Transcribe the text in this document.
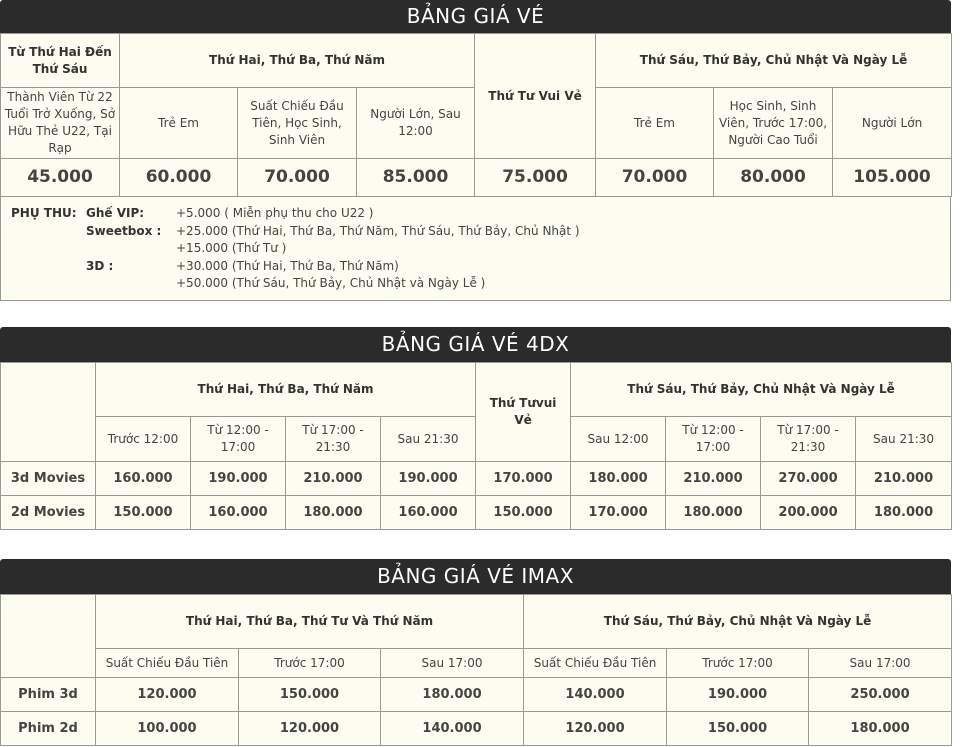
BẢNG GIÁ VÉ
Từ Thứ Hai Đến Thứ Sáu	Thứ Hai, Thứ Ba, Thứ Năm			Thứ Tư Vui Vẻ	Thứ Sáu, Thứ Bảy, Chủ Nhật Và Ngày Lễ		
Thành Viên Từ 22 Tuổi Trở Xuống, Sở Hữu Thẻ U22, Tại Rạp	Trẻ Em	Suất Chiếu Đầu Tiên, Học Sinh, Sinh Viên	Người Lớn, Sau 12:00		Trẻ Em	Học Sinh, Sinh Viên, Trước 17:00, Người Cao Tuổi	Người Lớn
45.000	60.000	70.000	85.000	75.000	70.000	80.000	105.000
PHỤ THU: Ghế VIP:	+5.000 ( Miễn phụ thu cho U22 )
Sweetbox :	+25.000 (Thứ Hai, Thứ Ba, Thứ Năm, Thứ Sáu, Thứ Bảy, Chủ Nhật )
+15.000 (Thứ Tư )
3D :	+30.000 (Thứ Hai, Thứ Ba, Thứ Năm)
+50.000 (Thứ Sáu, Thứ Bảy, Chủ Nhật và Ngày Lễ )
BẢNG GIÁ VÉ 4DX
	Thứ Hai, Thứ Ba, Thứ Năm				Thứ Tưvui Vẻ	Thứ Sáu, Thứ Bảy, Chủ Nhật Và Ngày Lễ			
	Trước 12:00	Từ 12:00 - 17:00	Từ 17:00 - 21:30	Sau 21:30		Sau 12:00	Từ 12:00 - 17:00	Từ 17:00 - 21:30	Sau 21:30
3d Movies	160.000	190.000	210.000	190.000	170.000	180.000	210.000	270.000	210.000
2d Movies	150.000	160.000	180.000	160.000	150.000	170.000	180.000	200.000	180.000
BẢNG GIÁ VÉ IMAX
	Thứ Hai, Thứ Ba, Thứ Tư Và Thứ Năm			Thứ Sáu, Thứ Bảy, Chủ Nhật Và Ngày Lễ		
	Suất Chiếu Đầu Tiên	Trước 17:00	Sau 17:00	Suất Chiếu Đầu Tiên	Trước 17:00	Sau 17:00
Phim 3d	120.000	150.000	180.000	140.000	190.000	250.000
Phim 2d	100.000	120.000	140.000	120.000	150.000	180.000
